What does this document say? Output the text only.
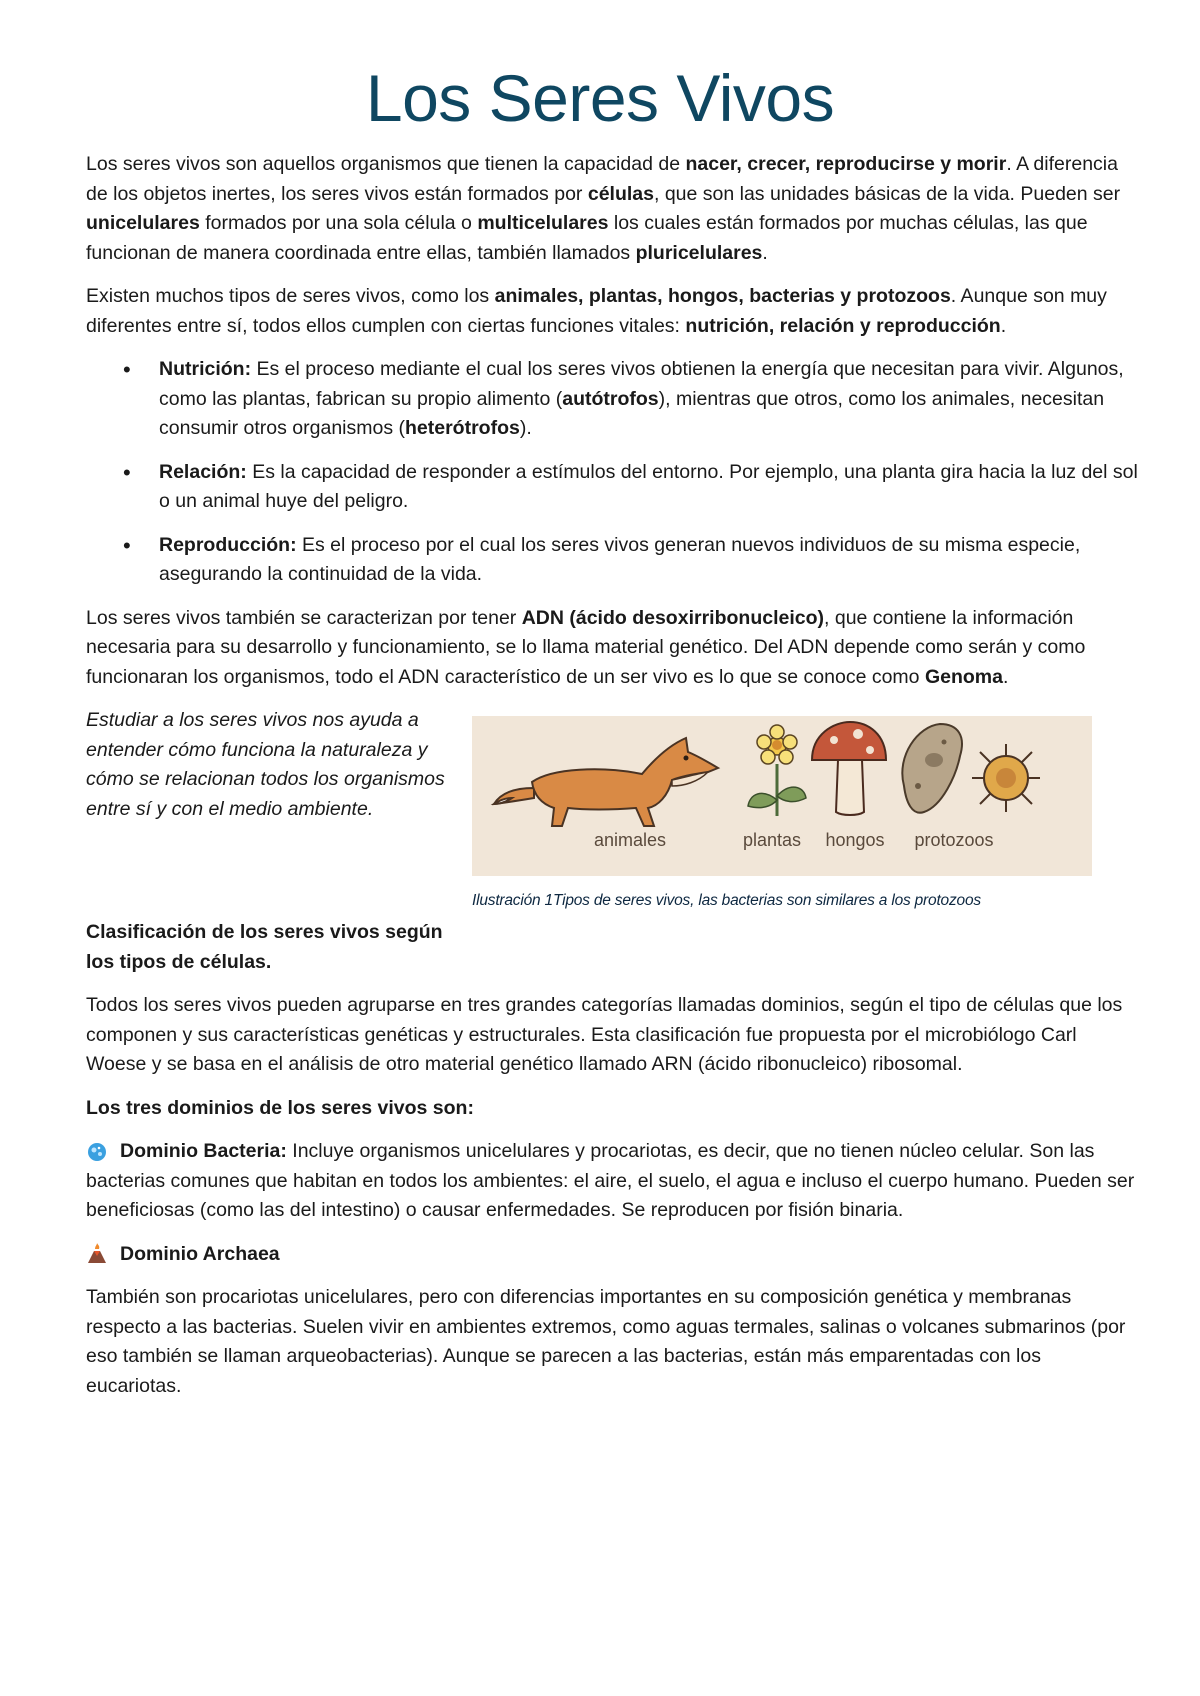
Los Seres Vivos

Los seres vivos son aquellos organismos que tienen la capacidad de nacer, crecer, reproducirse y morir. A diferencia de los objetos inertes, los seres vivos están formados por células, que son las unidades básicas de la vida. Pueden ser unicelulares formados por una sola célula o multicelulares los cuales están formados por muchas células, las que funcionan de manera coordinada entre ellas, también llamados pluricelulares.

Existen muchos tipos de seres vivos, como los animales, plantas, hongos, bacterias y protozoos. Aunque son muy diferentes entre sí, todos ellos cumplen con ciertas funciones vitales: nutrición, relación y reproducción.

• Nutrición: Es el proceso mediante el cual los seres vivos obtienen la energía que necesitan para vivir. Algunos, como las plantas, fabrican su propio alimento (autótrofos), mientras que otros, como los animales, necesitan consumir otros organismos (heterótrofos).
• Relación: Es la capacidad de responder a estímulos del entorno. Por ejemplo, una planta gira hacia la luz del sol o un animal huye del peligro.
• Reproducción: Es el proceso por el cual los seres vivos generan nuevos individuos de su misma especie, asegurando la continuidad de la vida.

Los seres vivos también se caracterizan por tener ADN (ácido desoxirribonucleico), que contiene la información necesaria para su desarrollo y funcionamiento, se lo llama material genético. Del ADN depende como serán y como funcionaran los organismos, todo el ADN característico de un ser vivo es lo que se conoce como Genoma.

Estudiar a los seres vivos nos ayuda a entender cómo funciona la naturaleza y cómo se relacionan todos los organismos entre sí y con el medio ambiente.
animales	plantas hongos protozoos
Ilustración 1Tipos de seres vivos, las bacterias son similares a los protozoos

Clasificación de los seres vivos según los tipos de células.

Todos los seres vivos pueden agruparse en tres grandes categorías llamadas dominios, según el tipo de células que los componen y sus características genéticas y estructurales. Esta clasificación fue propuesta por el microbiólogo Carl Woese y se basa en el análisis de otro material genético llamado ARN (ácido ribonucleico) ribosomal.

Los tres dominios de los seres vivos son:

Dominio Bacteria: Incluye organismos unicelulares y procariotas, es decir, que no tienen núcleo celular. Son las bacterias comunes que habitan en todos los ambientes: el aire, el suelo, el agua e incluso el cuerpo humano. Pueden ser beneficiosas (como las del intestino) o causar enfermedades. Se reproducen por fisión binaria.

Dominio Archaea

También son procariotas unicelulares, pero con diferencias importantes en su composición genética y membranas respecto a las bacterias. Suelen vivir en ambientes extremos, como aguas termales, salinas o volcanes submarinos (por eso también se llaman arqueobacterias). Aunque se parecen a las bacterias, están más emparentadas con los eucariotas.
